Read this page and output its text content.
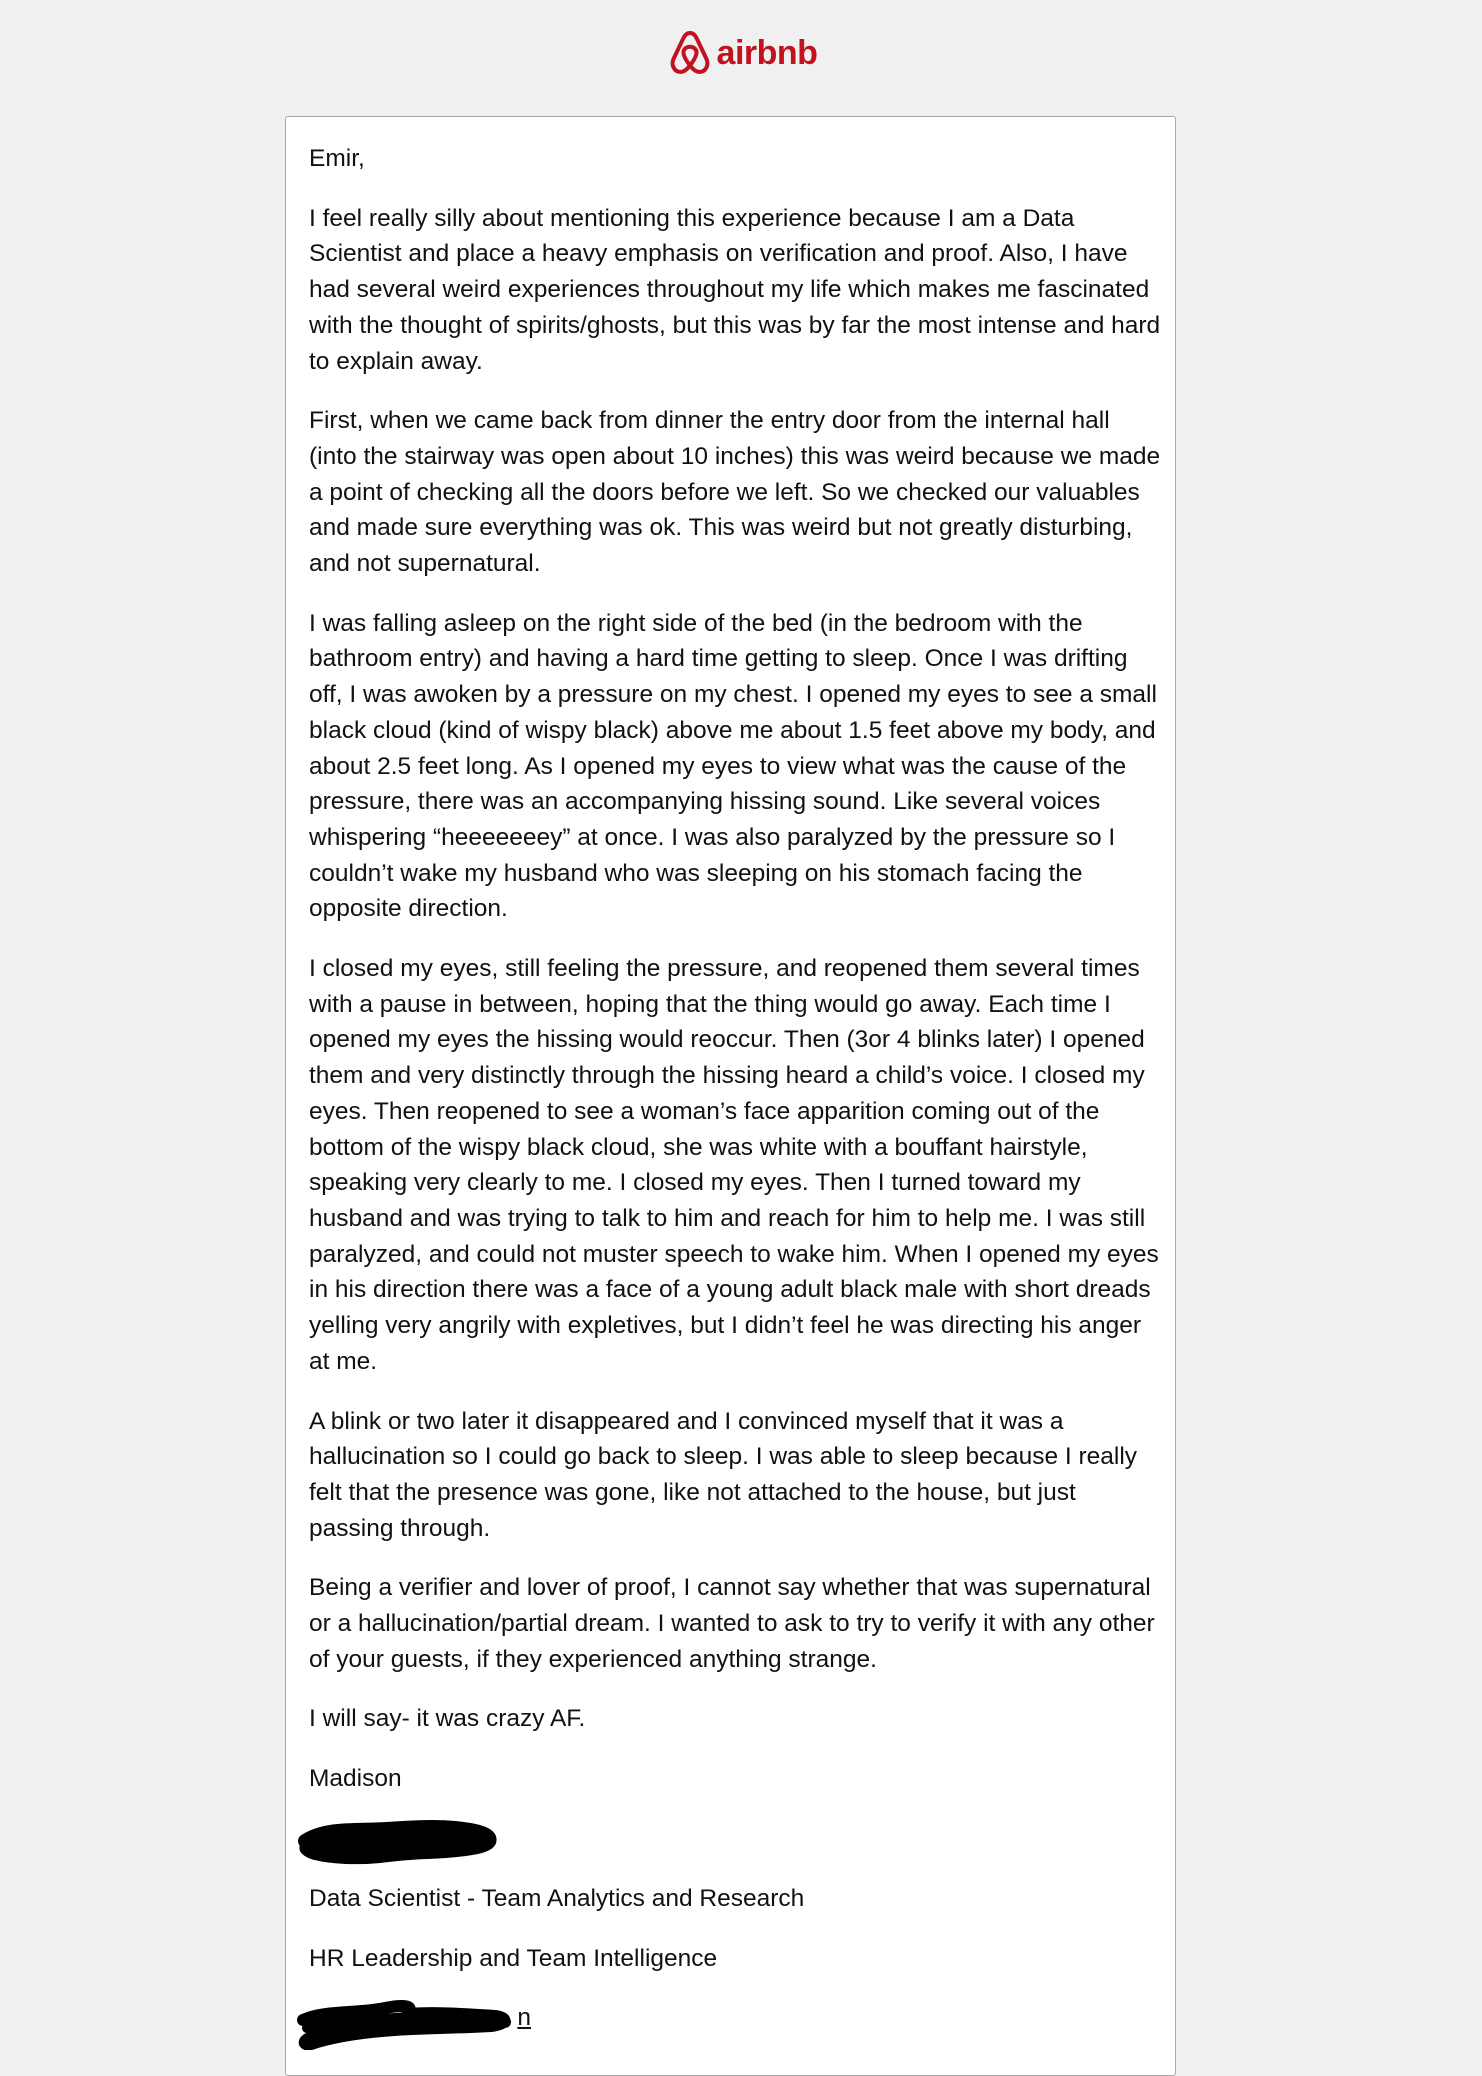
airbnb

Emir,

I feel really silly about mentioning this experience because I am a Data Scientist and place a heavy emphasis on verification and proof. Also, I have had several weird experiences throughout my life which makes me fascinated with the thought of spirits/ghosts, but this was by far the most intense and hard to explain away.

First, when we came back from dinner the entry door from the internal hall (into the stairway was open about 10 inches) this was weird because we made a point of checking all the doors before we left. So we checked our valuables and made sure everything was ok. This was weird but not greatly disturbing, and not supernatural.

I was falling asleep on the right side of the bed (in the bedroom with the bathroom entry) and having a hard time getting to sleep. Once I was drifting off, I was awoken by a pressure on my chest. I opened my eyes to see a small black cloud (kind of wispy black) above me about 1.5 feet above my body, and about 2.5 feet long. As I opened my eyes to view what was the cause of the pressure, there was an accompanying hissing sound. Like several voices whispering “heeeeeeey” at once. I was also paralyzed by the pressure so I couldn’t wake my husband who was sleeping on his stomach facing the opposite direction.

I closed my eyes, still feeling the pressure, and reopened them several times with a pause in between, hoping that the thing would go away. Each time I opened my eyes the hissing would reoccur. Then (3or 4 blinks later) I opened them and very distinctly through the hissing heard a child’s voice. I closed my eyes. Then reopened to see a woman’s face apparition coming out of the bottom of the wispy black cloud, she was white with a bouffant hairstyle, speaking very clearly to me. I closed my eyes. Then I turned toward my husband and was trying to talk to him and reach for him to help me. I was still paralyzed, and could not muster speech to wake him. When I opened my eyes in his direction there was a face of a young adult black male with short dreads yelling very angrily with expletives, but I didn’t feel he was directing his anger at me.

A blink or two later it disappeared and I convinced myself that it was a hallucination so I could go back to sleep. I was able to sleep because I really felt that the presence was gone, like not attached to the house, but just passing through.

Being a verifier and lover of proof, I cannot say whether that was supernatural or a hallucination/partial dream. I wanted to ask to try to verify it with any other of your guests, if they experienced anything strange.

I will say- it was crazy AF.

Madison

Data Scientist - Team Analytics and Research

HR Leadership and Team Intelligence

n
